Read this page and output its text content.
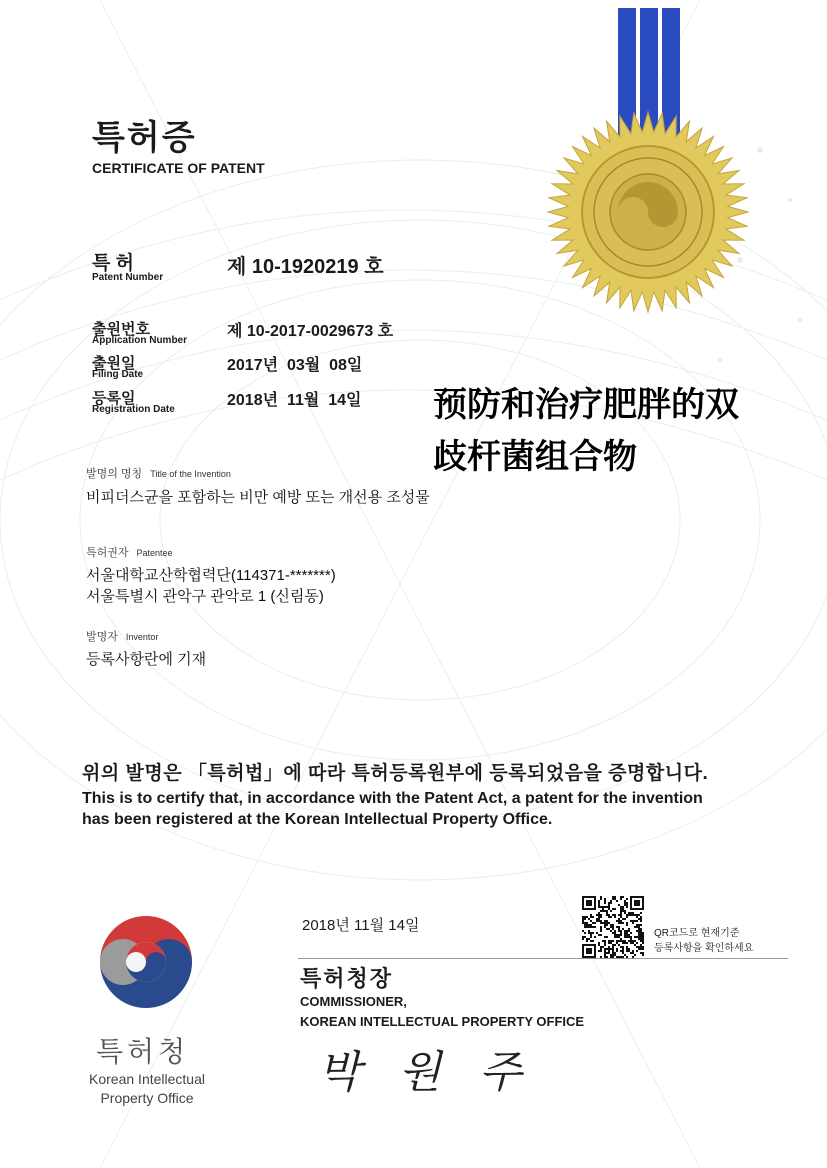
특허증
CERTIFICATE OF PATENT
특 허
Patent Number	제 10-1920219 호
출원번호
Application Number
제 10-2017-0029673 호
출원일
Filing Date
2017년  03월  08일
등록일
Registration Date
2018년  11월  14일 预防和治疗肥胖的双
歧杆菌组合物
발명의 명칭 Title of the Invention
비피더스균을 포함하는 비만 예방 또는 개선용 조성물
특허권자 Patentee
서울대학교산학협력단(114371-*******)
서울특별시 관악구 관악로 1 (신림동)
발명자 Inventor
등록사항란에 기재
위의 발명은 「특허법」에 따라 특허등록원부에 등록되었음을 증명합니다.
This is to certify that, in accordance with the Patent Act, a patent for the invention
has been registered at the Korean Intellectual Property Office.
특허청
Korean Intellectual
Property Office
2018년 11월 14일	QR코드로 현재기준
등록사항을 확인하세요
특허청장
COMMISSIONER,
KOREAN INTELLECTUAL PROPERTY OFFICE
박 원 주
